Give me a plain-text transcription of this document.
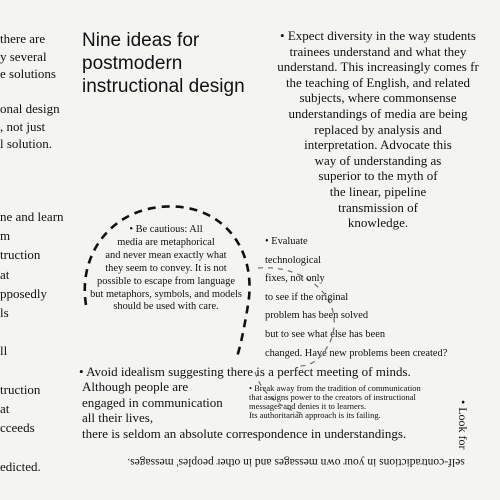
Nine ideas for
postmodern
instructional design
there are
y several
e solutions

onal design
, not just
l solution.
ne and learn
m
truction
at
pposedly
ls

ll

truction
at
cceeds

edicted.
• Expect diversity in the way students
trainees understand and what they
understand. This increasingly comes fr
the teaching of English, and related
subjects, where commonsense
understandings of media are being
replaced by analysis and
interpretation. Advocate this
way of understanding as
superior to the myth of
the linear, pipeline
transmission of
knowledge.
• Be cautious: All
media are metaphorical
and never mean exactly what
they seem to convey. It is not
possible to escape from language
but metaphors, symbols, and models
should be used with care.
• Evaluate
technological
fixes, not only
to see if the original
problem has been solved
but to see what else has been
changed. Have new problems been created?
• Avoid idealism suggesting there is a perfect meeting of minds.
Although people are
engaged in communication
all their lives,
there is seldom an absolute correspondence in understandings.
• Break away from the tradition of communication
that assigns power to the creators of instructional
messages and denies it to learners.
Its authoritarian approach is its failing.	• Look for
self-contradictions in your own messages and in other peoples' messages.
